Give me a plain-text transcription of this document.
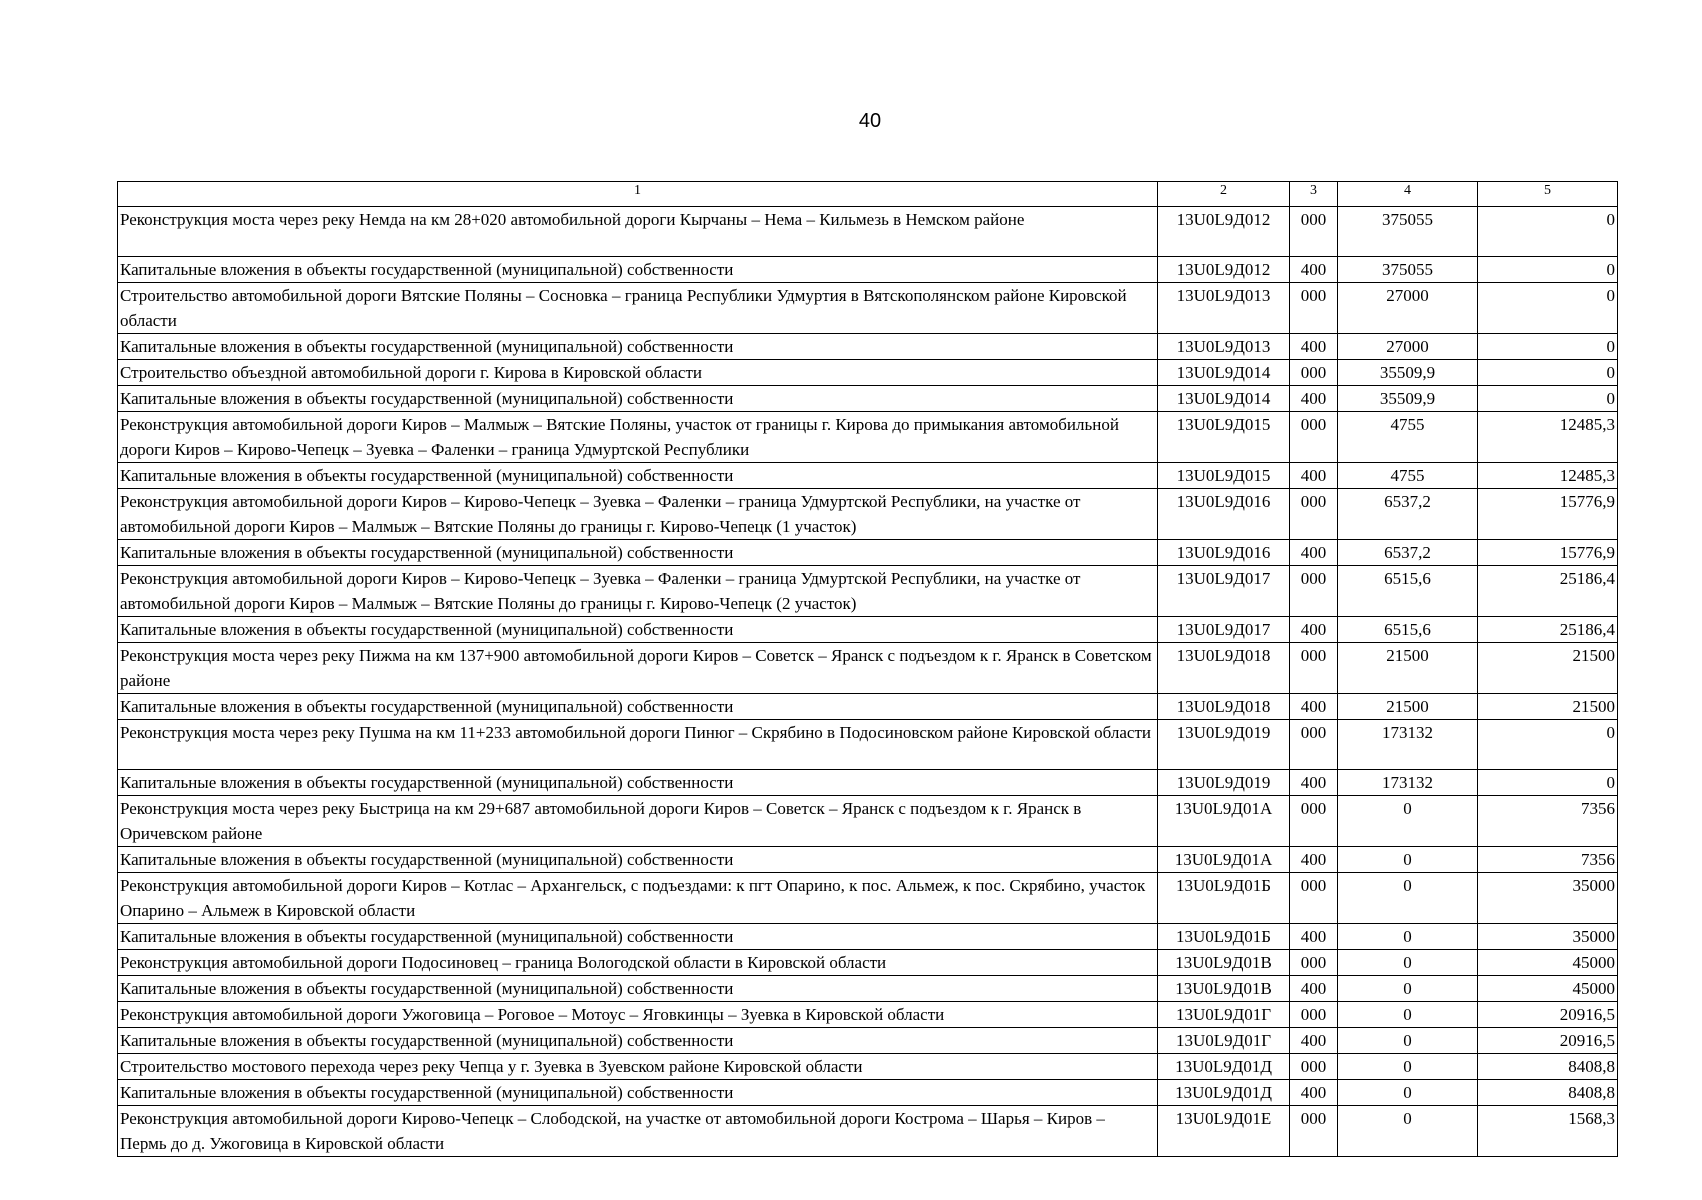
40
1	2	3	4	5
Реконструкция моста через реку Немда на км 28+020 автомобильной дороги Кырчаны – Нема – Кильмезь в Немском районе	13U0L9Д012	000	375055	0
Капитальные вложения в объекты государственной (муниципальной) собственности	13U0L9Д012	400	375055	0
Строительство автомобильной дороги Вятские Поляны – Сосновка – граница Республики Удмуртия в Вятскополянском районе Кировской области	13U0L9Д013	000	27000	0
Капитальные вложения в объекты государственной (муниципальной) собственности	13U0L9Д013	400	27000	0
Строительство объездной автомобильной дороги г. Кирова в Кировской области	13U0L9Д014	000	35509,9	0
Капитальные вложения в объекты государственной (муниципальной) собственности	13U0L9Д014	400	35509,9	0
Реконструкция автомобильной дороги Киров – Малмыж – Вятские Поляны, участок от границы г. Кирова до примыкания автомобильной дороги Киров – Кирово-Чепецк – Зуевка – Фаленки – граница Удмуртской Республики	13U0L9Д015	000	4755	12485,3
Капитальные вложения в объекты государственной (муниципальной) собственности	13U0L9Д015	400	4755	12485,3
Реконструкция автомобильной дороги Киров – Кирово-Чепецк – Зуевка – Фаленки – граница Удмуртской Республики, на участке от автомобильной дороги Киров – Малмыж – Вятские Поляны до границы г. Кирово-Чепецк (1 участок)	13U0L9Д016	000	6537,2	15776,9
Капитальные вложения в объекты государственной (муниципальной) собственности	13U0L9Д016	400	6537,2	15776,9
Реконструкция автомобильной дороги Киров – Кирово-Чепецк – Зуевка – Фаленки – граница Удмуртской Республики, на участке от автомобильной дороги Киров – Малмыж – Вятские Поляны до границы г. Кирово-Чепецк (2 участок)	13U0L9Д017	000	6515,6	25186,4
Капитальные вложения в объекты государственной (муниципальной) собственности	13U0L9Д017	400	6515,6	25186,4
Реконструкция моста через реку Пижма на км 137+900 автомобильной дороги Киров – Советск – Яранск с подъездом к г. Яранск в Советском районе	13U0L9Д018	000	21500	21500
Капитальные вложения в объекты государственной (муниципальной) собственности	13U0L9Д018	400	21500	21500
Реконструкция моста через реку Пушма на км 11+233 автомобильной дороги Пинюг – Скрябино в Подосиновском районе Кировской области	13U0L9Д019	000	173132	0
Капитальные вложения в объекты государственной (муниципальной) собственности	13U0L9Д019	400	173132	0
Реконструкция моста через реку Быстрица на км 29+687 автомобильной дороги Киров – Советск – Яранск с подъездом к г. Яранск в Оричевском районе	13U0L9Д01А	000	0	7356
Капитальные вложения в объекты государственной (муниципальной) собственности	13U0L9Д01А	400	0	7356
Реконструкция автомобильной дороги Киров – Котлас – Архангельск, с подъездами: к пгт Опарино, к пос. Альмеж, к пос. Скрябино, участок Опарино – Альмеж в Кировской области	13U0L9Д01Б	000	0	35000
Капитальные вложения в объекты государственной (муниципальной) собственности	13U0L9Д01Б	400	0	35000
Реконструкция автомобильной дороги Подосиновец – граница Вологодской области в Кировской области	13U0L9Д01В	000	0	45000
Капитальные вложения в объекты государственной (муниципальной) собственности	13U0L9Д01В	400	0	45000
Реконструкция автомобильной дороги Ужоговица – Роговое – Мотоус – Яговкинцы – Зуевка в Кировской области	13U0L9Д01Г	000	0	20916,5
Капитальные вложения в объекты государственной (муниципальной) собственности	13U0L9Д01Г	400	0	20916,5
Строительство мостового перехода через реку Чепца у г. Зуевка в Зуевском районе Кировской области	13U0L9Д01Д	000	0	8408,8
Капитальные вложения в объекты государственной (муниципальной) собственности	13U0L9Д01Д	400	0	8408,8
Реконструкция автомобильной дороги Кирово-Чепецк – Слободской, на участке от автомобильной дороги Кострома – Шарья – Киров – Пермь до д. Ужоговица в Кировской области	13U0L9Д01Е	000	0	1568,3
